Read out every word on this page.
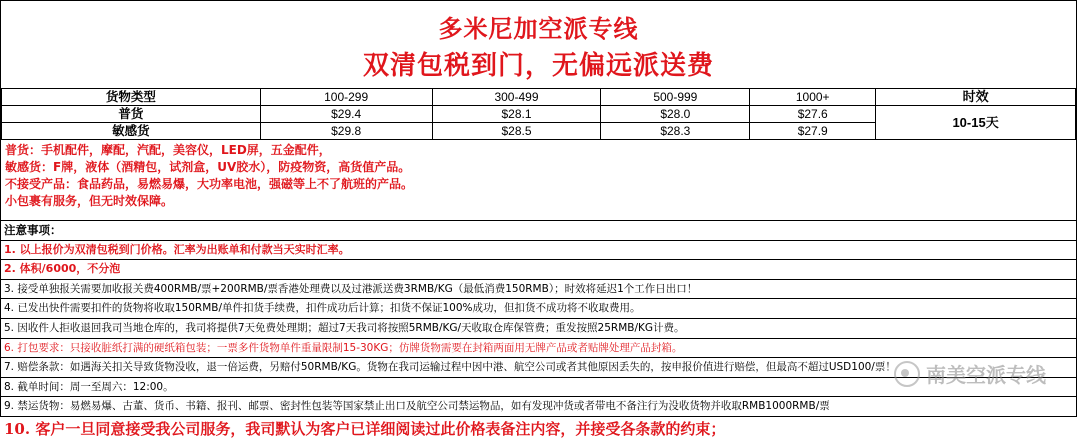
多米尼加空派专线
双清包税到门，无偏远派送费
货物类型	100-299	300-499	500-999	1000+	时效
普货	$29.4	$28.1	$28.0	$27.6	10-15天
敏感货	$29.8	$28.5	$28.3	$27.9	
普货：手机配件，摩配，汽配，美容仪，LED屏，五金配件，
敏感货：F牌，液体（酒精包，试剂盒，UV胶水），防疫物资，高货值产品。
不接受产品：食品药品，易燃易爆，大功率电池，强磁等上不了航班的产品。
小包裹有服务，但无时效保障。
注意事项：
1. 以上报价为双清包税到门价格。汇率为出账单和付款当天实时汇率。
2. 体积/6000，不分泡
3. 接受单独报关需要加收报关费400RMB/票+200RMB/票香港处理费以及过港派送费3RMB/KG（最低消费150RMB）；时效将延迟1个工作日出口！
4. 已发出快件需要扣件的货物将收取150RMB/单件扣货手续费，扣件成功后计算；扣货不保证100%成功，但扣货不成功将不收取费用。
5. 因收件人拒收退回我司当地仓库的，我司将提供7天免费处理期；超过7天我司将按照5RMB/KG/天收取仓库保管费；重发按照25RMB/KG计费。
6. 打包要求：只接收脏纸打满的硬纸箱包装；一票多件货物单件重量限制15-30KG；仿牌货物需要在封箱两面用无牌产品或者贴牌处理产品封箱。
7. 赔偿条款：如遇海关扣关导致货物没收，退一倍运费，另赔付50RMB/KG。货物在我司运输过程中因中港、航空公司或者其他原因丢失的，按申报价值进行赔偿，但最高不超过USD100/票！
8. 截单时间：周一至周六：12:00。
9. 禁运货物：易燃易爆、古董、货币、书籍、报刊、邮票、密封性包装等国家禁止出口及航空公司禁运物品，如有发现冲货或者带电不备注行为没收货物并收取RMB1000RMB/票
10. 客户一旦同意接受我公司服务，我司默认为客户已详细阅读过此价格表备注内容，并接受各条款的约束；
南美空派专线
